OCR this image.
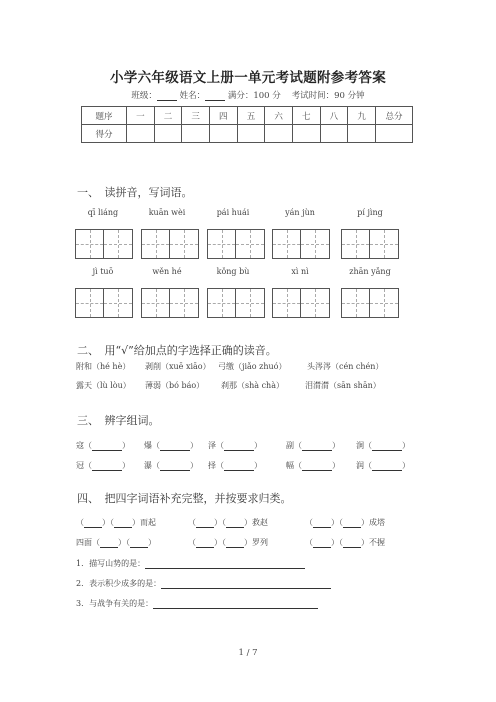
小学六年级语文上册一单元考试题附参考答案
班级：	姓名：	满分：100 分 考试时间：90 分钟
题序	一	二	三	四	五	六	七	八	九	总分
得分										
一、　读拼音，写词语。
qī liáng	kuān wèi	pái huái	yán jùn	pí jìng
jì tuō	wěn hé	kǒng bù	xì nì	zhān yǎng
二、　用“√”给加点的字选择正确的读音。
附和（hé hè） 剥削（xuē xiāo） 弓缴（jiǎo zhuó）	头涔涔（cén chén）
露天（lù lòu） 薄弱（bó báo） 刹那（shà chà）	泪潸潸（sān shān）
三、　辨字组词。
寇（	） 爆（	） 泽（	）	副（	） 涧（	）
冠（	） 瀑（	） 择（	）	幅（	） 润（	）
四、　把四字词语补充完整，并按要求归类。
（ ）（ ）而起	（ ）（ ）救赵	（ ）（ ）成塔
四面（ ）（ ）	（ ）（ ）罗列	（ ）（ ）不握
1．描写山势的是：
2．表示积少成多的是：
3．与战争有关的是：
1 / 7
